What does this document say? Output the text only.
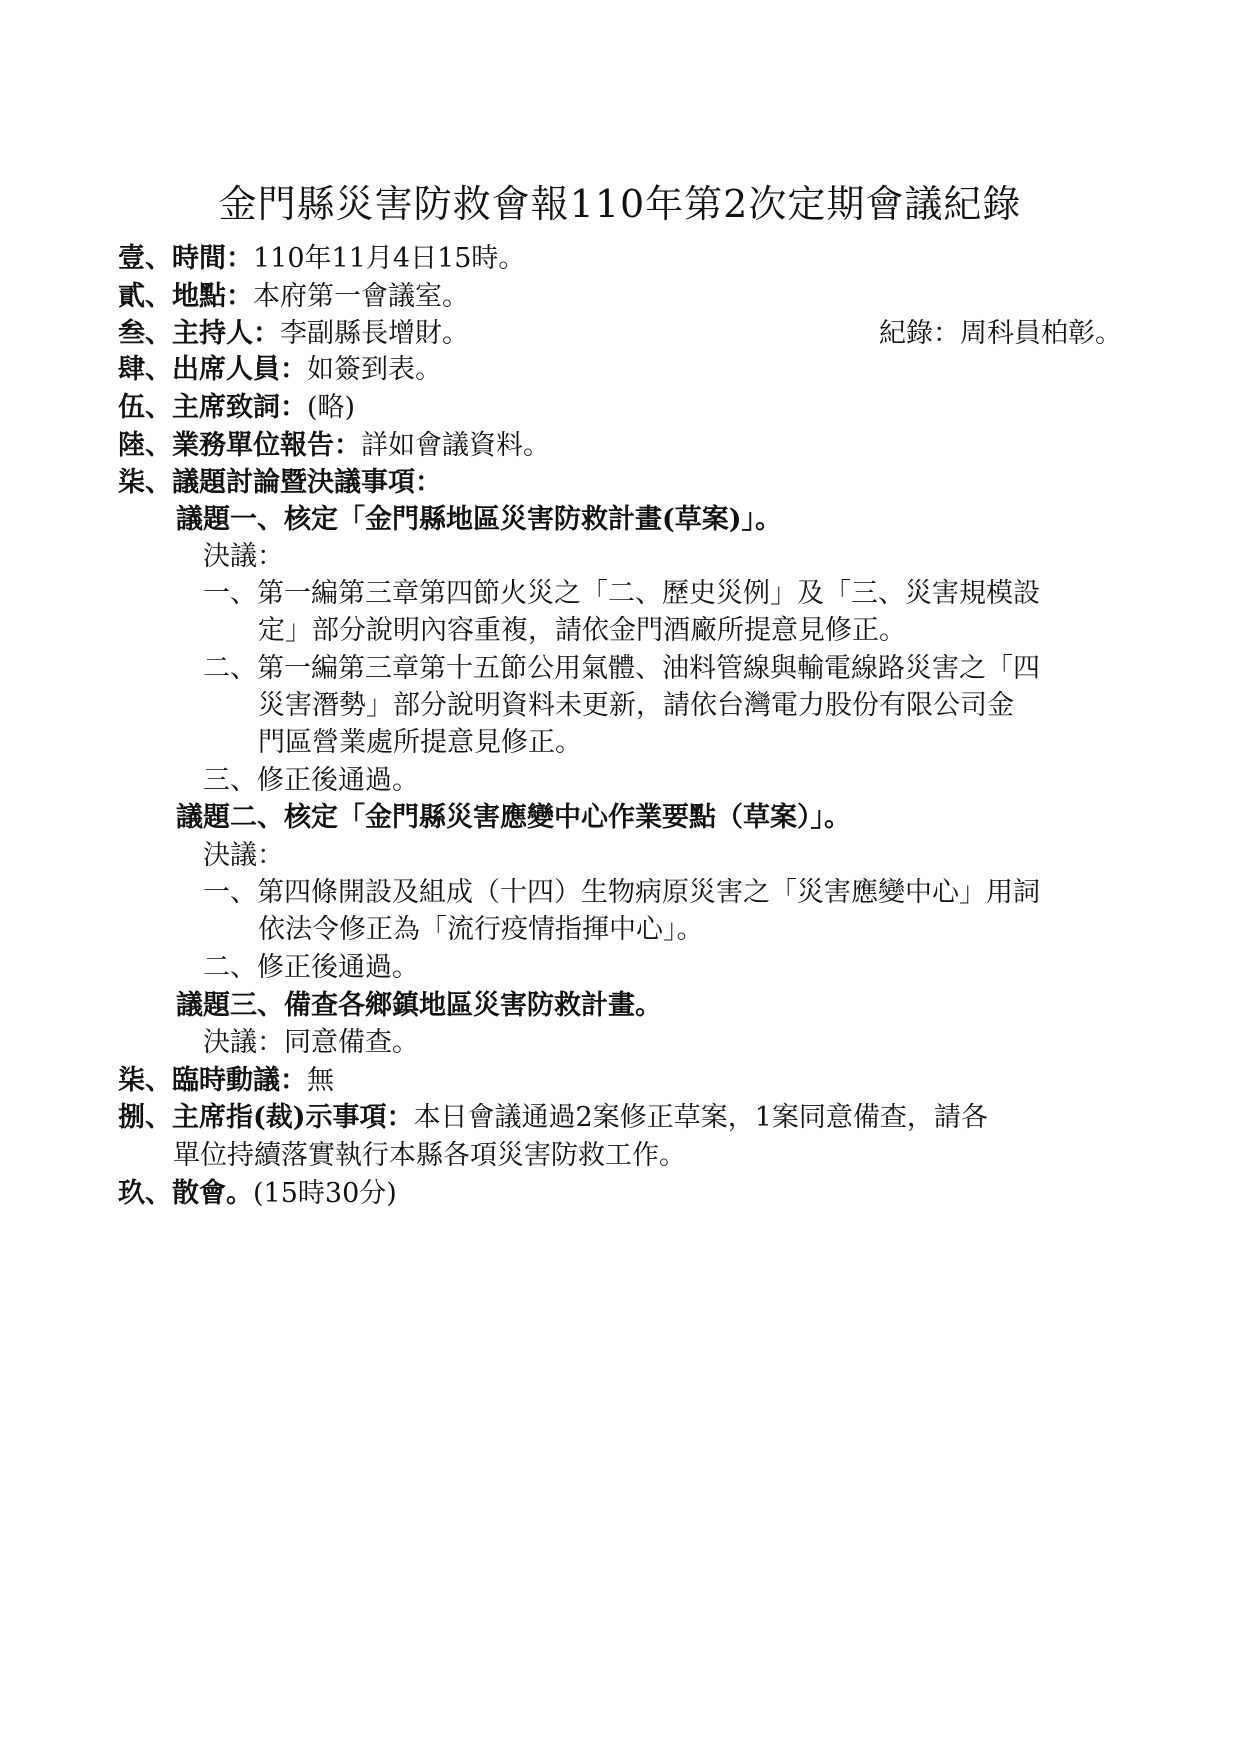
金門縣災害防救會報110年第2次定期會議紀錄
壹、時間：110年11月4日15時。
貳、地點：本府第一會議室。
叁、主持人：李副縣長增財。	紀錄：周科員柏彰。
肆、出席人員：如簽到表。
伍、主席致詞：(略)
陸、業務單位報告：詳如會議資料。
柒、議題討論暨決議事項：
議題一、核定「金門縣地區災害防救計畫(草案)」。
決議：
一、第一編第三章第四節火災之「二、歷史災例」及「三、災害規模設
定」部分說明內容重複，請依金門酒廠所提意見修正。
二、第一編第三章第十五節公用氣體、油料管線與輸電線路災害之「四
災害潛勢」部分說明資料未更新，請依台灣電力股份有限公司金
門區營業處所提意見修正。
三、修正後通過。
議題二、核定「金門縣災害應變中心作業要點（草案）」。
決議：
一、第四條開設及組成（十四）生物病原災害之「災害應變中心」用詞
依法令修正為「流行疫情指揮中心」。
二、修正後通過。
議題三、備查各鄉鎮地區災害防救計畫。
決議：同意備查。
柒、臨時動議：無
捌、主席指(裁)示事項：本日會議通過2案修正草案，1案同意備查，請各
單位持續落實執行本縣各項災害防救工作。
玖、散會。(15時30分)
